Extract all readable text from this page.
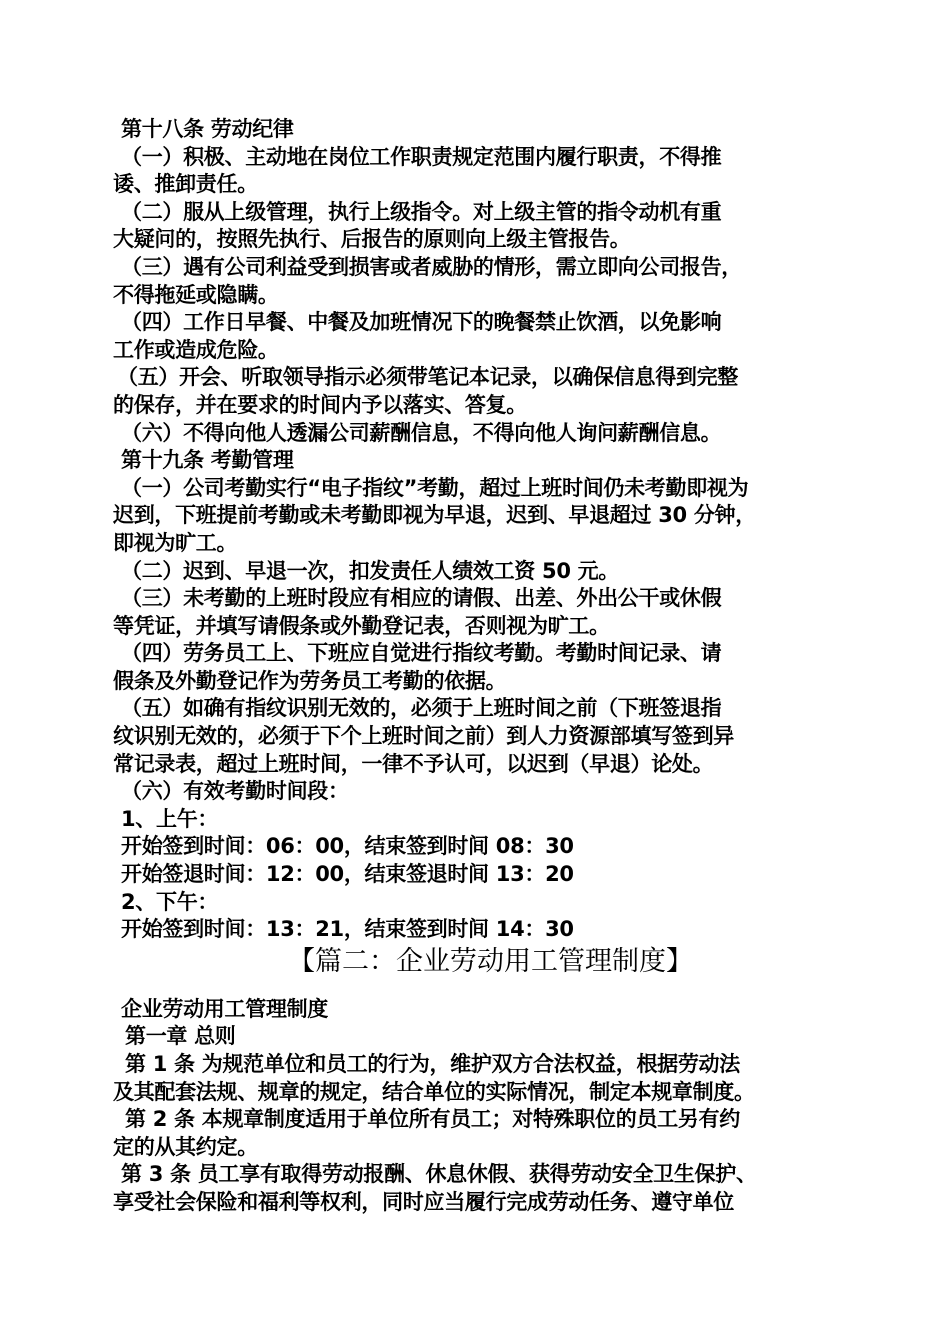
第十八条 劳动纪律
（一）积极、主动地在岗位工作职责规定范围内履行职责，不得推
诿、推卸责任。
（二）服从上级管理，执行上级指令。对上级主管的指令动机有重
大疑问的，按照先执行、后报告的原则向上级主管报告。
（三）遇有公司利益受到损害或者威胁的情形，需立即向公司报告，
不得拖延或隐瞒。
（四）工作日早餐、中餐及加班情况下的晚餐禁止饮酒，以免影响
工作或造成危险。
（五）开会、听取领导指示必须带笔记本记录，以确保信息得到完整
的保存，并在要求的时间内予以落实、答复。
（六）不得向他人透漏公司薪酬信息，不得向他人询问薪酬信息。
第十九条 考勤管理
（一）公司考勤实行“电子指纹”考勤，超过上班时间仍未考勤即视为
迟到，下班提前考勤或未考勤即视为早退，迟到、早退超过 30 分钟，
即视为旷工。
（二）迟到、早退一次，扣发责任人绩效工资 50 元。
（三）未考勤的上班时段应有相应的请假、出差、外出公干或休假
等凭证，并填写请假条或外勤登记表，否则视为旷工。
（四）劳务员工上、下班应自觉进行指纹考勤。考勤时间记录、请
假条及外勤登记作为劳务员工考勤的依据。
（五）如确有指纹识别无效的，必须于上班时间之前（下班签退指
纹识别无效的，必须于下个上班时间之前）到人力资源部填写签到异
常记录表，超过上班时间，一律不予认可，以迟到（早退）论处。
（六）有效考勤时间段：
1、上午：
开始签到时间：06：00，结束签到时间 08：30
开始签退时间：12：00，结束签退时间 13：20
2、下午：
开始签到时间：13：21，结束签到时间 14：30
【篇二：企业劳动用工管理制度】
企业劳动用工管理制度
第一章 总则
第 1 条 为规范单位和员工的行为，维护双方合法权益，根据劳动法
及其配套法规、规章的规定，结合单位的实际情况，制定本规章制度。
第 2 条 本规章制度适用于单位所有员工；对特殊职位的员工另有约
定的从其约定。
第 3 条 员工享有取得劳动报酬、休息休假、获得劳动安全卫生保护、
享受社会保险和福利等权利，同时应当履行完成劳动任务、遵守单位
